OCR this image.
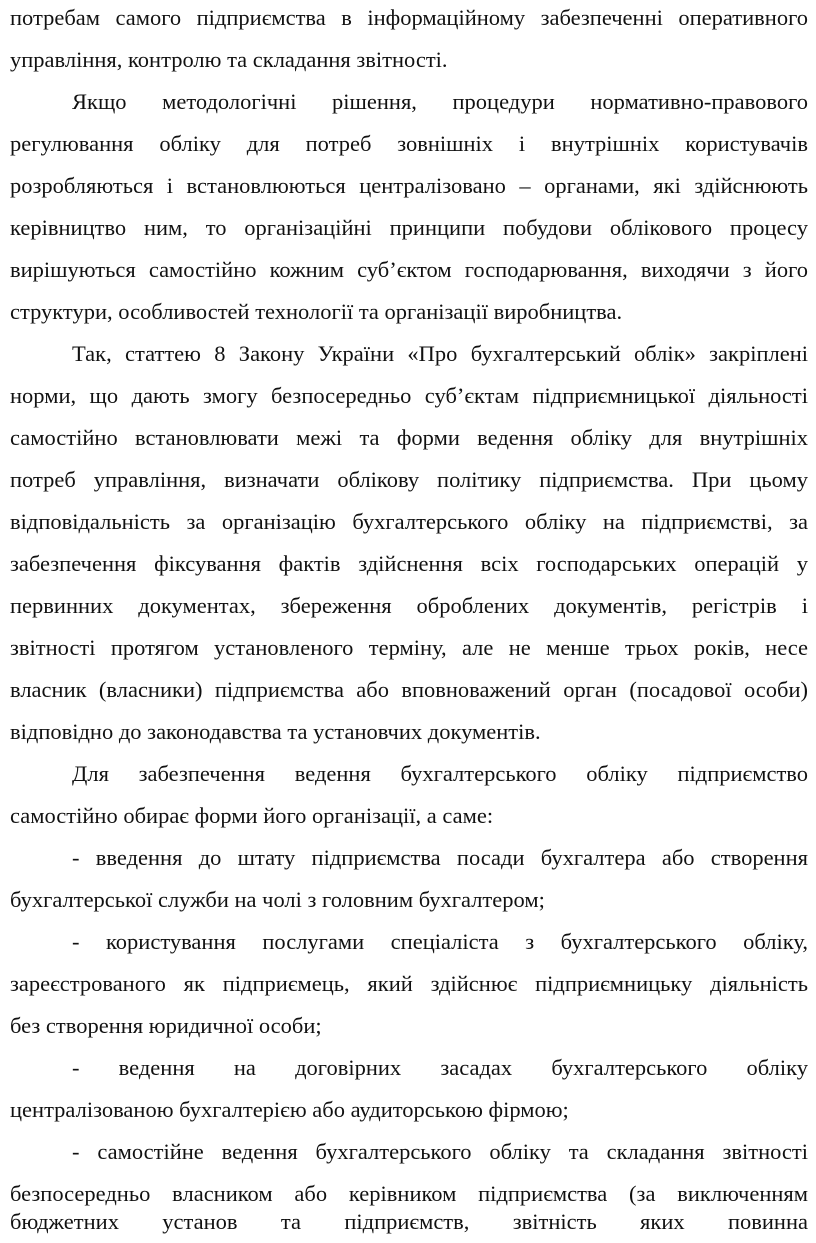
потребам самого підприємства в інформаційному забезпеченні оперативного
управління, контролю та складання звітності.
Якщо методологічні рішення, процедури нормативно-правового
регулювання обліку для потреб зовнішніх і внутрішніх користувачів
розробляються і встановлюються централізовано – органами, які здійснюють
керівництво ним, то організаційні принципи побудови облікового процесу
вирішуються самостійно кожним суб’єктом господарювання, виходячи з його
структури, особливостей технології та організації виробництва.
Так, статтею 8 Закону України «Про бухгалтерський облік» закріплені
норми, що дають змогу безпосередньо суб’єктам підприємницької діяльності
самостійно встановлювати межі та форми ведення обліку для внутрішніх
потреб управління, визначати облікову політику підприємства. При цьому
відповідальність за організацію бухгалтерського обліку на підприємстві, за
забезпечення фіксування фактів здійснення всіх господарських операцій у
первинних документах, збереження оброблених документів, регістрів і
звітності протягом установленого терміну, але не менше трьох років, несе
власник (власники) підприємства або вповноважений орган (посадової особи)
відповідно до законодавства та установчих документів.
Для забезпечення ведення бухгалтерського обліку підприємство
самостійно обирає форми його організації, а саме:
- введення до штату підприємства посади бухгалтера або створення
бухгалтерської служби на чолі з головним бухгалтером;
- користування послугами спеціаліста з бухгалтерського обліку,
зареєстрованого як підприємець, який здійснює підприємницьку діяльність
без створення юридичної особи;
- ведення на договірних засадах бухгалтерського обліку
централізованою бухгалтерією або аудиторською фірмою;
- самостійне ведення бухгалтерського обліку та складання звітності
безпосередньо власником або керівником підприємства (за виключенням
бюджетних установ та підприємств, звітність яких повинна
